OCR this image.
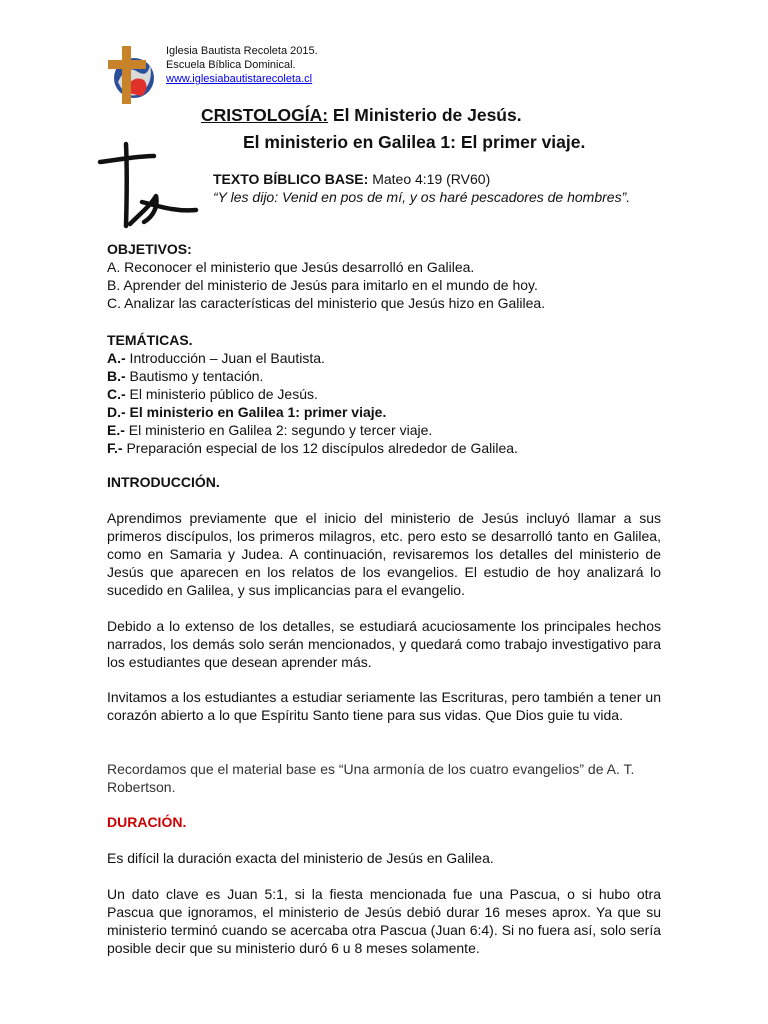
Iglesia Bautista Recoleta 2015.
Escuela Bíblica Dominical.
www.iglesiabautistarecoleta.cl
CRISTOLOGÍA: El Ministerio de Jesús.
El ministerio en Galilea 1: El primer viaje.
TEXTO BÍBLICO BASE: Mateo 4:19 (RV60)
“Y les dijo: Venid en pos de mí, y os haré pescadores de hombres”.

OBJETIVOS:

A. Reconocer el ministerio que Jesús desarrolló en Galilea.

B. Aprender del ministerio de Jesús para imitarlo en el mundo de hoy.

C. Analizar las características del ministerio que Jesús hizo en Galilea.

TEMÁTICAS.

A.- Introducción – Juan el Bautista.

B.- Bautismo y tentación.

C.- El ministerio público de Jesús.

D.- El ministerio en Galilea 1: primer viaje.

E.- El ministerio en Galilea 2: segundo y tercer viaje.

F.- Preparación especial de los 12 discípulos alrededor de Galilea.

INTRODUCCIÓN.
Aprendimos previamente que el inicio del ministerio de Jesús incluyó llamar a sus primeros discípulos, los primeros milagros, etc. pero esto se desarrolló tanto en Galilea, como en Samaria y Judea. A continuación, revisaremos los detalles del ministerio de Jesús que aparecen en los relatos de los evangelios. El estudio de hoy analizará lo sucedido en Galilea, y sus implicancias para el evangelio.
Debido a lo extenso de los detalles, se estudiará acuciosamente los principales hechos narrados, los demás solo serán mencionados, y quedará como trabajo investigativo para los estudiantes que desean aprender más.
Invitamos a los estudiantes a estudiar seriamente las Escrituras, pero también a tener un corazón abierto a lo que Espíritu Santo tiene para sus vidas. Que Dios guie tu vida.
Recordamos que el material base es “Una armonía de los cuatro evangelios” de A. T. Robertson.
DURACIÓN.
Es difícil la duración exacta del ministerio de Jesús en Galilea.
Un dato clave es Juan 5:1, si la fiesta mencionada fue una Pascua, o si hubo otra Pascua que ignoramos, el ministerio de Jesús debió durar 16 meses aprox. Ya que su ministerio terminó cuando se acercaba otra Pascua (Juan 6:4). Si no fuera así, solo sería posible decir que su ministerio duró 6 u 8 meses solamente.
